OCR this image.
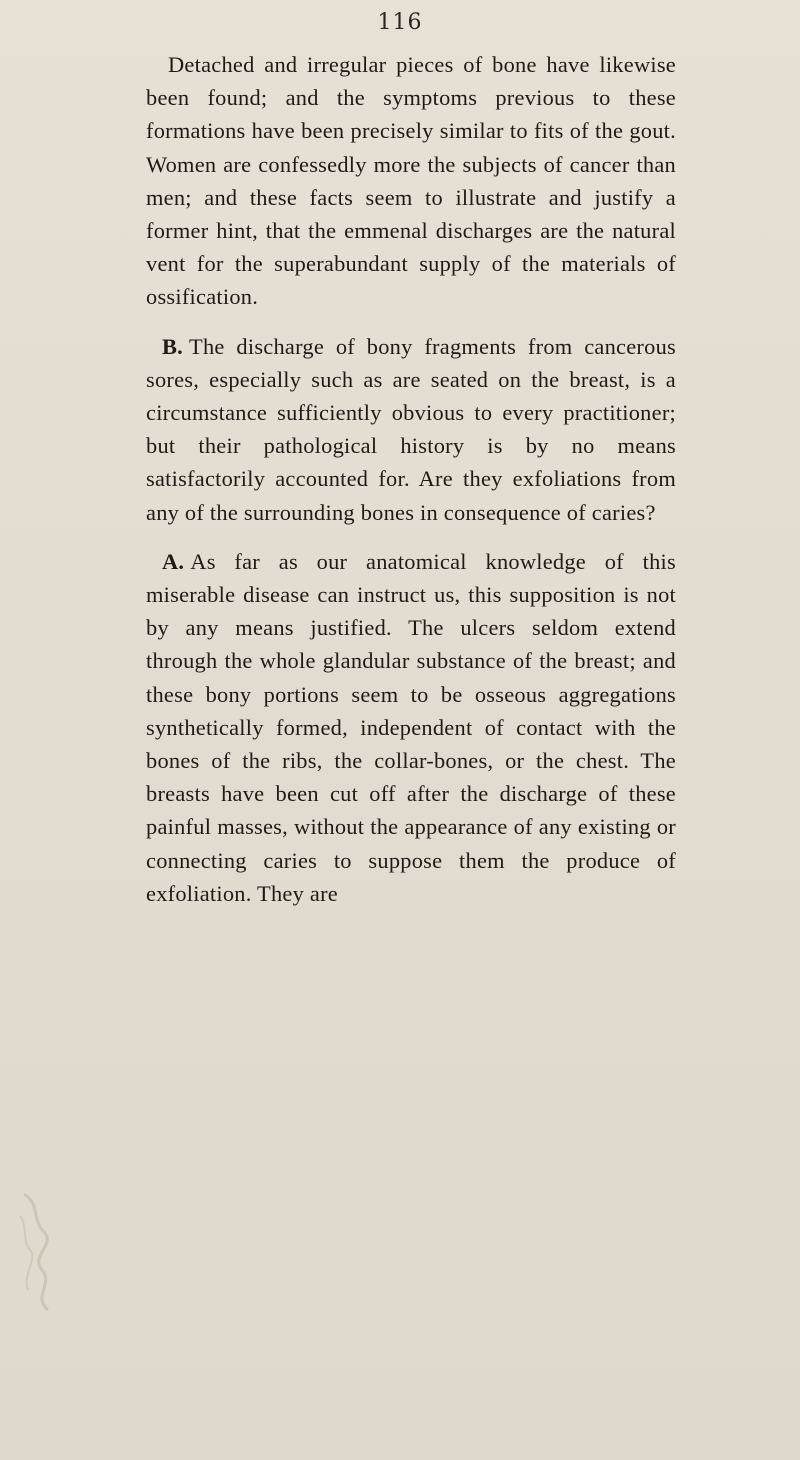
116

Detached and irregular pieces of bone have likewise been found; and the symptoms previous to these formations have been precisely similar to fits of the gout. Women are confessedly more the subjects of cancer than men; and these facts seem to illustrate and justify a former hint, that the emmenal discharges are the natural vent for the superabundant supply of the materials of ossification.

B. The discharge of bony fragments from cancerous sores, especially such as are seated on the breast, is a circumstance sufficiently obvious to every practitioner; but their pathological history is by no means satisfactorily accounted for. Are they exfoliations from any of the surrounding bones in consequence of caries?

A. As far as our anatomical knowledge of this miserable disease can instruct us, this supposition is not by any means justified. The ulcers seldom extend through the whole glandular substance of the breast; and these bony portions seem to be osseous aggregations synthetically formed, independent of contact with the bones of the ribs, the collar-bones, or the chest. The breasts have been cut off after the discharge of these painful masses, without the appearance of any existing or connecting caries to suppose them the produce of exfoliation. They are
